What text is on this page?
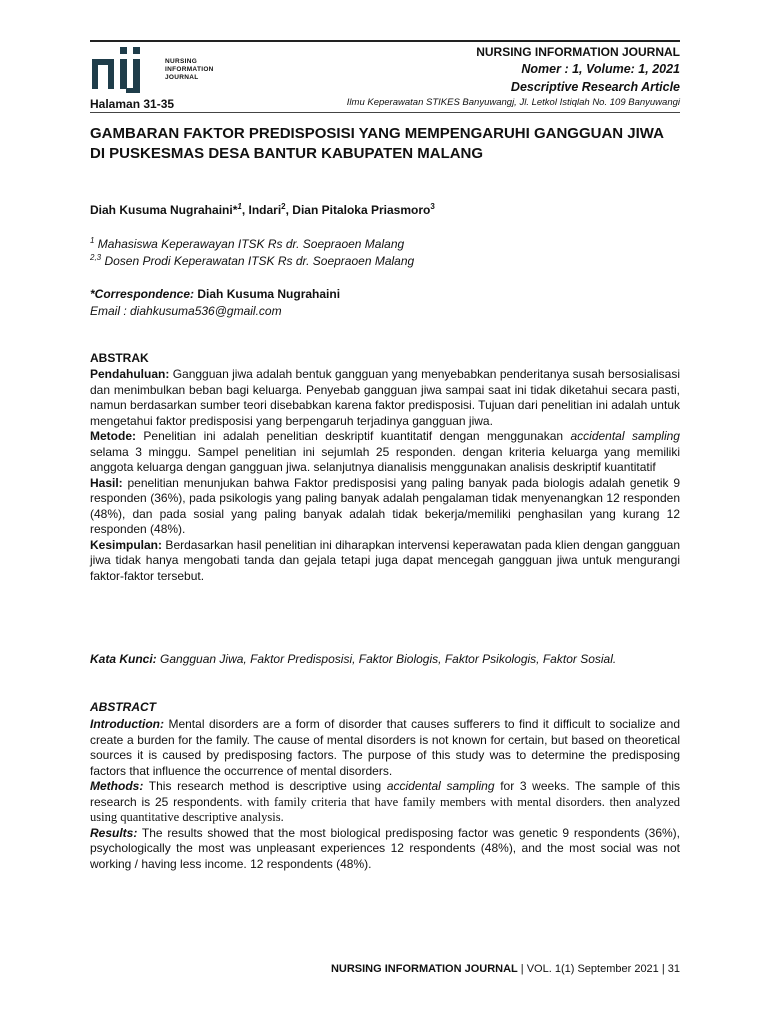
NURSING
INFORMATION
JOURNAL
Halaman 31-35
NURSING INFORMATION JOURNAL
Nomer : 1, Volume: 1, 2021
Descriptive Research Article
Ilmu Keperawatan STIKES Banyuwangj, Jl. Letkol Istiqlah No. 109 Banyuwangi
GAMBARAN FAKTOR PREDISPOSISI YANG MEMPENGARUHI GANGGUAN JIWA DI PUSKESMAS DESA BANTUR KABUPATEN MALANG
Diah Kusuma Nugrahaini*$^1$, Indari$^2$, Dian Pitaloka Priasmoro$^3$
$^1$ Mahasiswa Keperawayan ITSK Rs dr. Soepraoen Malang
$^{2,3}$ Dosen Prodi Keperawatan ITSK Rs dr. Soepraoen Malang
*Correspondence: Diah Kusuma Nugrahaini
Email : diahkusuma536@gmail.com
ABSTRAK

Pendahuluan: Gangguan jiwa adalah bentuk gangguan yang menyebabkan penderitanya susah bersosialisasi dan menimbulkan beban bagi keluarga. Penyebab gangguan jiwa sampai saat ini tidak diketahui secara pasti, namun berdasarkan sumber teori disebabkan karena faktor predisposisi. Tujuan dari penelitian ini adalah untuk mengetahui faktor predisposisi yang berpengaruh terjadinya gangguan jiwa.

Metode: Penelitian ini adalah penelitian deskriptif kuantitatif dengan menggunakan accidental sampling selama 3 minggu. Sampel penelitian ini sejumlah 25 responden. dengan kriteria keluarga yang memiliki anggota keluarga dengan gangguan jiwa. selanjutnya dianalisis menggunakan analisis deskriptif kuantitatif

Hasil: penelitian menunjukan bahwa Faktor predisposisi yang paling banyak pada biologis adalah genetik 9 responden (36%), pada psikologis yang paling banyak adalah pengalaman tidak menyenangkan 12 responden (48%), dan pada sosial yang paling banyak adalah tidak bekerja/memiliki penghasilan yang kurang 12 responden (48%).

Kesimpulan: Berdasarkan hasil penelitian ini diharapkan intervensi keperawatan pada klien dengan gangguan jiwa tidak hanya mengobati tanda dan gejala tetapi juga dapat mencegah gangguan jiwa untuk mengurangi faktor-faktor tersebut.

Kata Kunci: Gangguan Jiwa, Faktor Predisposisi, Faktor Biologis, Faktor Psikologis, Faktor Sosial.
ABSTRACT

Introduction: Mental disorders are a form of disorder that causes sufferers to find it difficult to socialize and create a burden for the family. The cause of mental disorders is not known for certain, but based on theoretical sources it is caused by predisposing factors. The purpose of this study was to determine the predisposing factors that influence the occurrence of mental disorders.

Methods: This research method is descriptive using accidental sampling for 3 weeks. The sample of this research is 25 respondents. with family criteria that have family members with mental disorders. then analyzed using quantitative descriptive analysis.

Results: The results showed that the most biological predisposing factor was genetic 9 respondents (36%), psychologically the most was unpleasant experiences 12 respondents (48%), and the most social was not working / having less income. 12 respondents (48%).

NURSING INFORMATION JOURNAL | VOL. 1(1) September 2021 | 31
